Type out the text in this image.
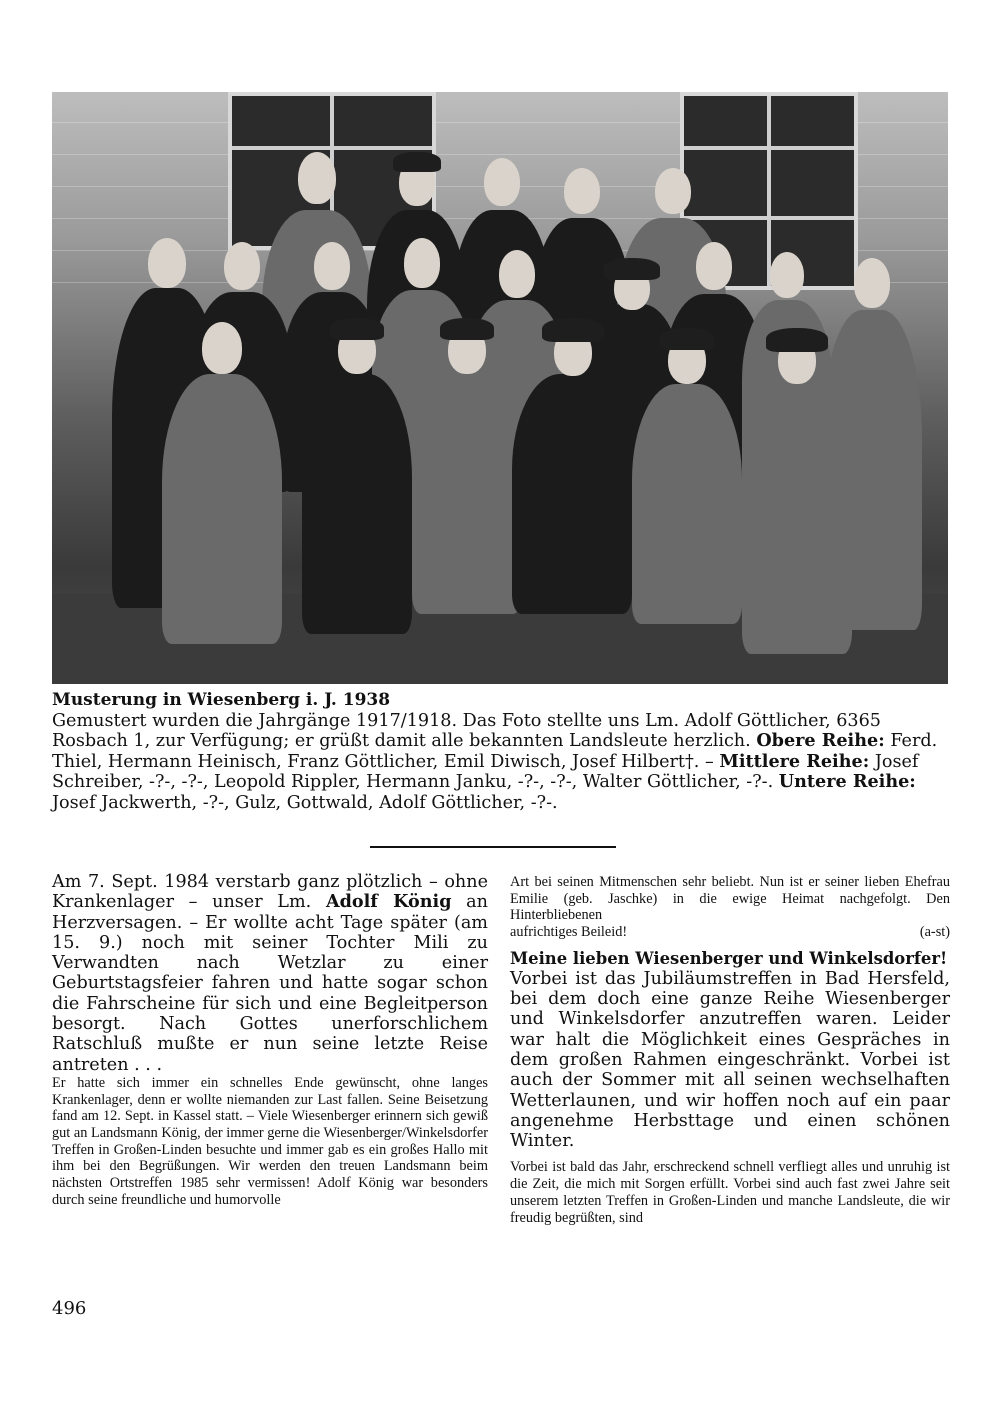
Musterung in Wiesenberg i. J. 1938

Gemustert wurden die Jahrgänge 1917/1918. Das Foto stellte uns Lm. Adolf Göttlicher, 6365 Rosbach 1, zur Verfügung; er grüßt damit alle bekannten Landsleute herzlich. Obere Reihe: Ferd. Thiel, Hermann Heinisch, Franz Göttlicher, Emil Diwisch, Josef Hilbert†. – Mittlere Reihe: Josef Schreiber, -?-, -?-, Leopold Rippler, Hermann Janku, -?-, -?-, Walter Göttlicher, -?-. Untere Reihe: Josef Jackwerth, -?-, Gulz, Gottwald, Adolf Göttlicher, -?-.

Am 7. Sept. 1984 verstarb ganz plötzlich – ohne Krankenlager – unser Lm. Adolf König an Herzversagen. – Er wollte acht Tage später (am 15. 9.) noch mit seiner Tochter Mili zu Verwandten nach Wetzlar zu einer Geburtstagsfeier fahren und hatte sogar schon die Fahrscheine für sich und eine Begleitperson besorgt. Nach Gottes unerforschlichem Ratschluß mußte er nun seine letzte Reise antreten . . .

Er hatte sich immer ein schnelles Ende gewünscht, ohne langes Krankenlager, denn er wollte niemanden zur Last fallen. Seine Beisetzung fand am 12. Sept. in Kassel statt. – Viele Wiesenberger erinnern sich gewiß gut an Landsmann König, der immer gerne die Wiesenberger/Winkelsdorfer Treffen in Großen-Linden besuchte und immer gab es ein großes Hallo mit ihm bei den Begrüßungen. Wir werden den treuen Landsmann beim nächsten Ortstreffen 1985 sehr vermissen! Adolf König war besonders durch seine freundliche und humorvolle

Art bei seinen Mitmenschen sehr beliebt. Nun ist er seiner lieben Ehefrau Emilie (geb. Jaschke) in die ewige Heimat nachgefolgt. Den Hinterbliebenen

aufrichtiges Beileid!	(a-st)

Meine lieben Wiesenberger und Winkelsdorfer!

Vorbei ist das Jubiläumstreffen in Bad Hersfeld, bei dem doch eine ganze Reihe Wiesenberger und Winkelsdorfer anzutreffen waren. Leider war halt die Möglichkeit eines Gespräches in dem großen Rahmen eingeschränkt. Vorbei ist auch der Sommer mit all seinen wechselhaften Wetterlaunen, und wir hoffen noch auf ein paar angenehme Herbsttage und einen schönen Winter.

Vorbei ist bald das Jahr, erschreckend schnell verfliegt alles und unruhig ist die Zeit, die mich mit Sorgen erfüllt. Vorbei sind auch fast zwei Jahre seit unserem letzten Treffen in Großen-Linden und manche Landsleute, die wir freudig begrüßten, sind

496
